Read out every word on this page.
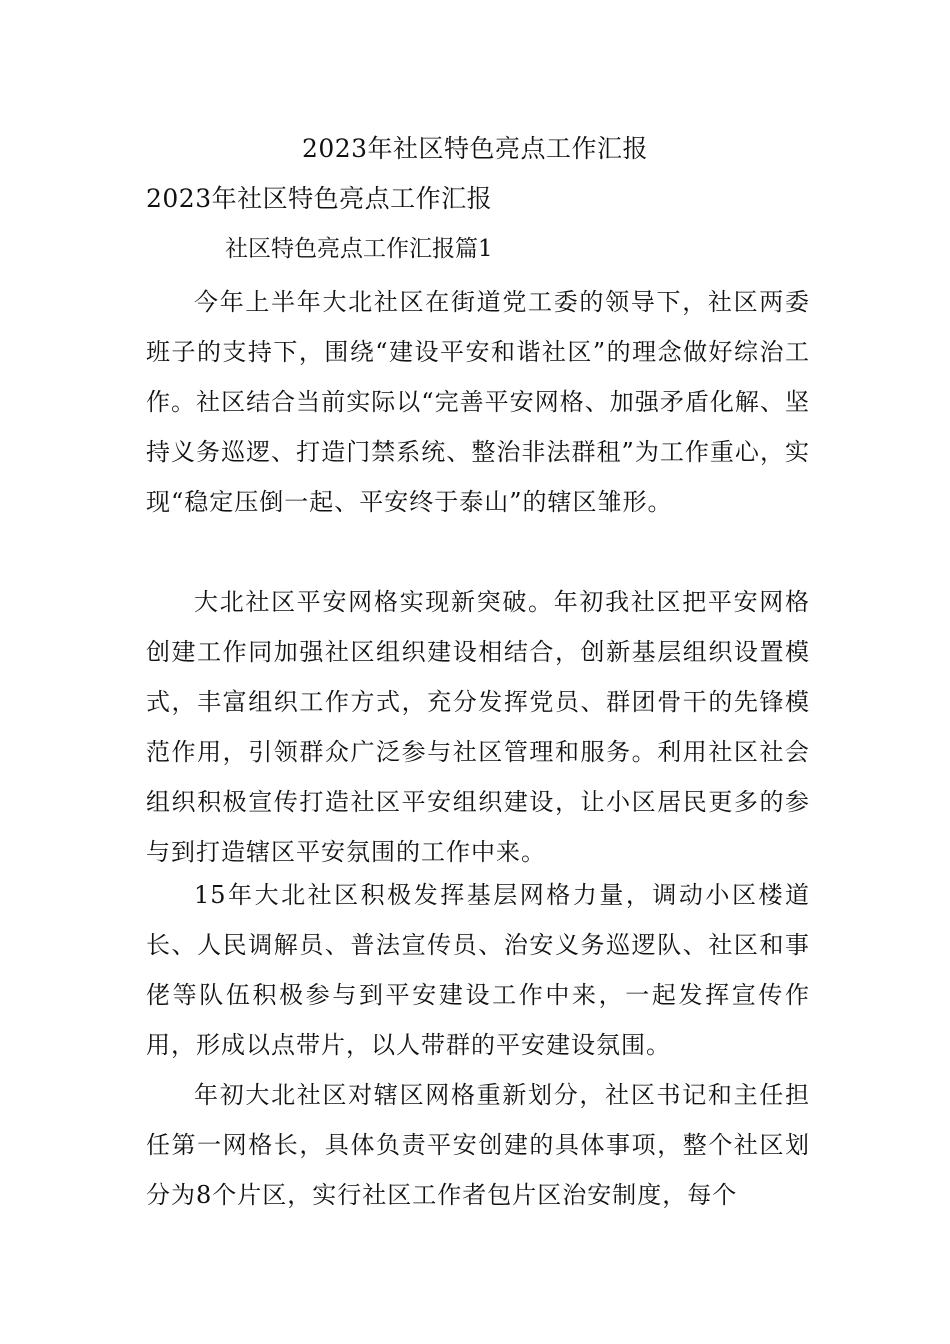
2023年社区特色亮点工作汇报
2023年社区特色亮点工作汇报
社区特色亮点工作汇报篇1

今年上半年大北社区在街道党工委的领导下，社区两委班子的支持下，围绕“建设平安和谐社区”的理念做好综治工作。社区结合当前实际以“完善平安网格、加强矛盾化解、坚持义务巡逻、打造门禁系统、整治非法群租”为工作重心，实现“稳定压倒一起、平安终于泰山”的辖区雏形。

大北社区平安网格实现新突破。年初我社区把平安网格创建工作同加强社区组织建设相结合，创新基层组织设置模式，丰富组织工作方式，充分发挥党员、群团骨干的先锋模范作用，引领群众广泛参与社区管理和服务。利用社区社会组织积极宣传打造社区平安组织建设，让小区居民更多的参与到打造辖区平安氛围的工作中来。

15年大北社区积极发挥基层网格力量，调动小区楼道长、人民调解员、普法宣传员、治安义务巡逻队、社区和事佬等队伍积极参与到平安建设工作中来，一起发挥宣传作用，形成以点带片，以人带群的平安建设氛围。

年初大北社区对辖区网格重新划分，社区书记和主任担任第一网格长，具体负责平安创建的具体事项，整个社区划分为8个片区，实行社区工作者包片区治安制度，每个
